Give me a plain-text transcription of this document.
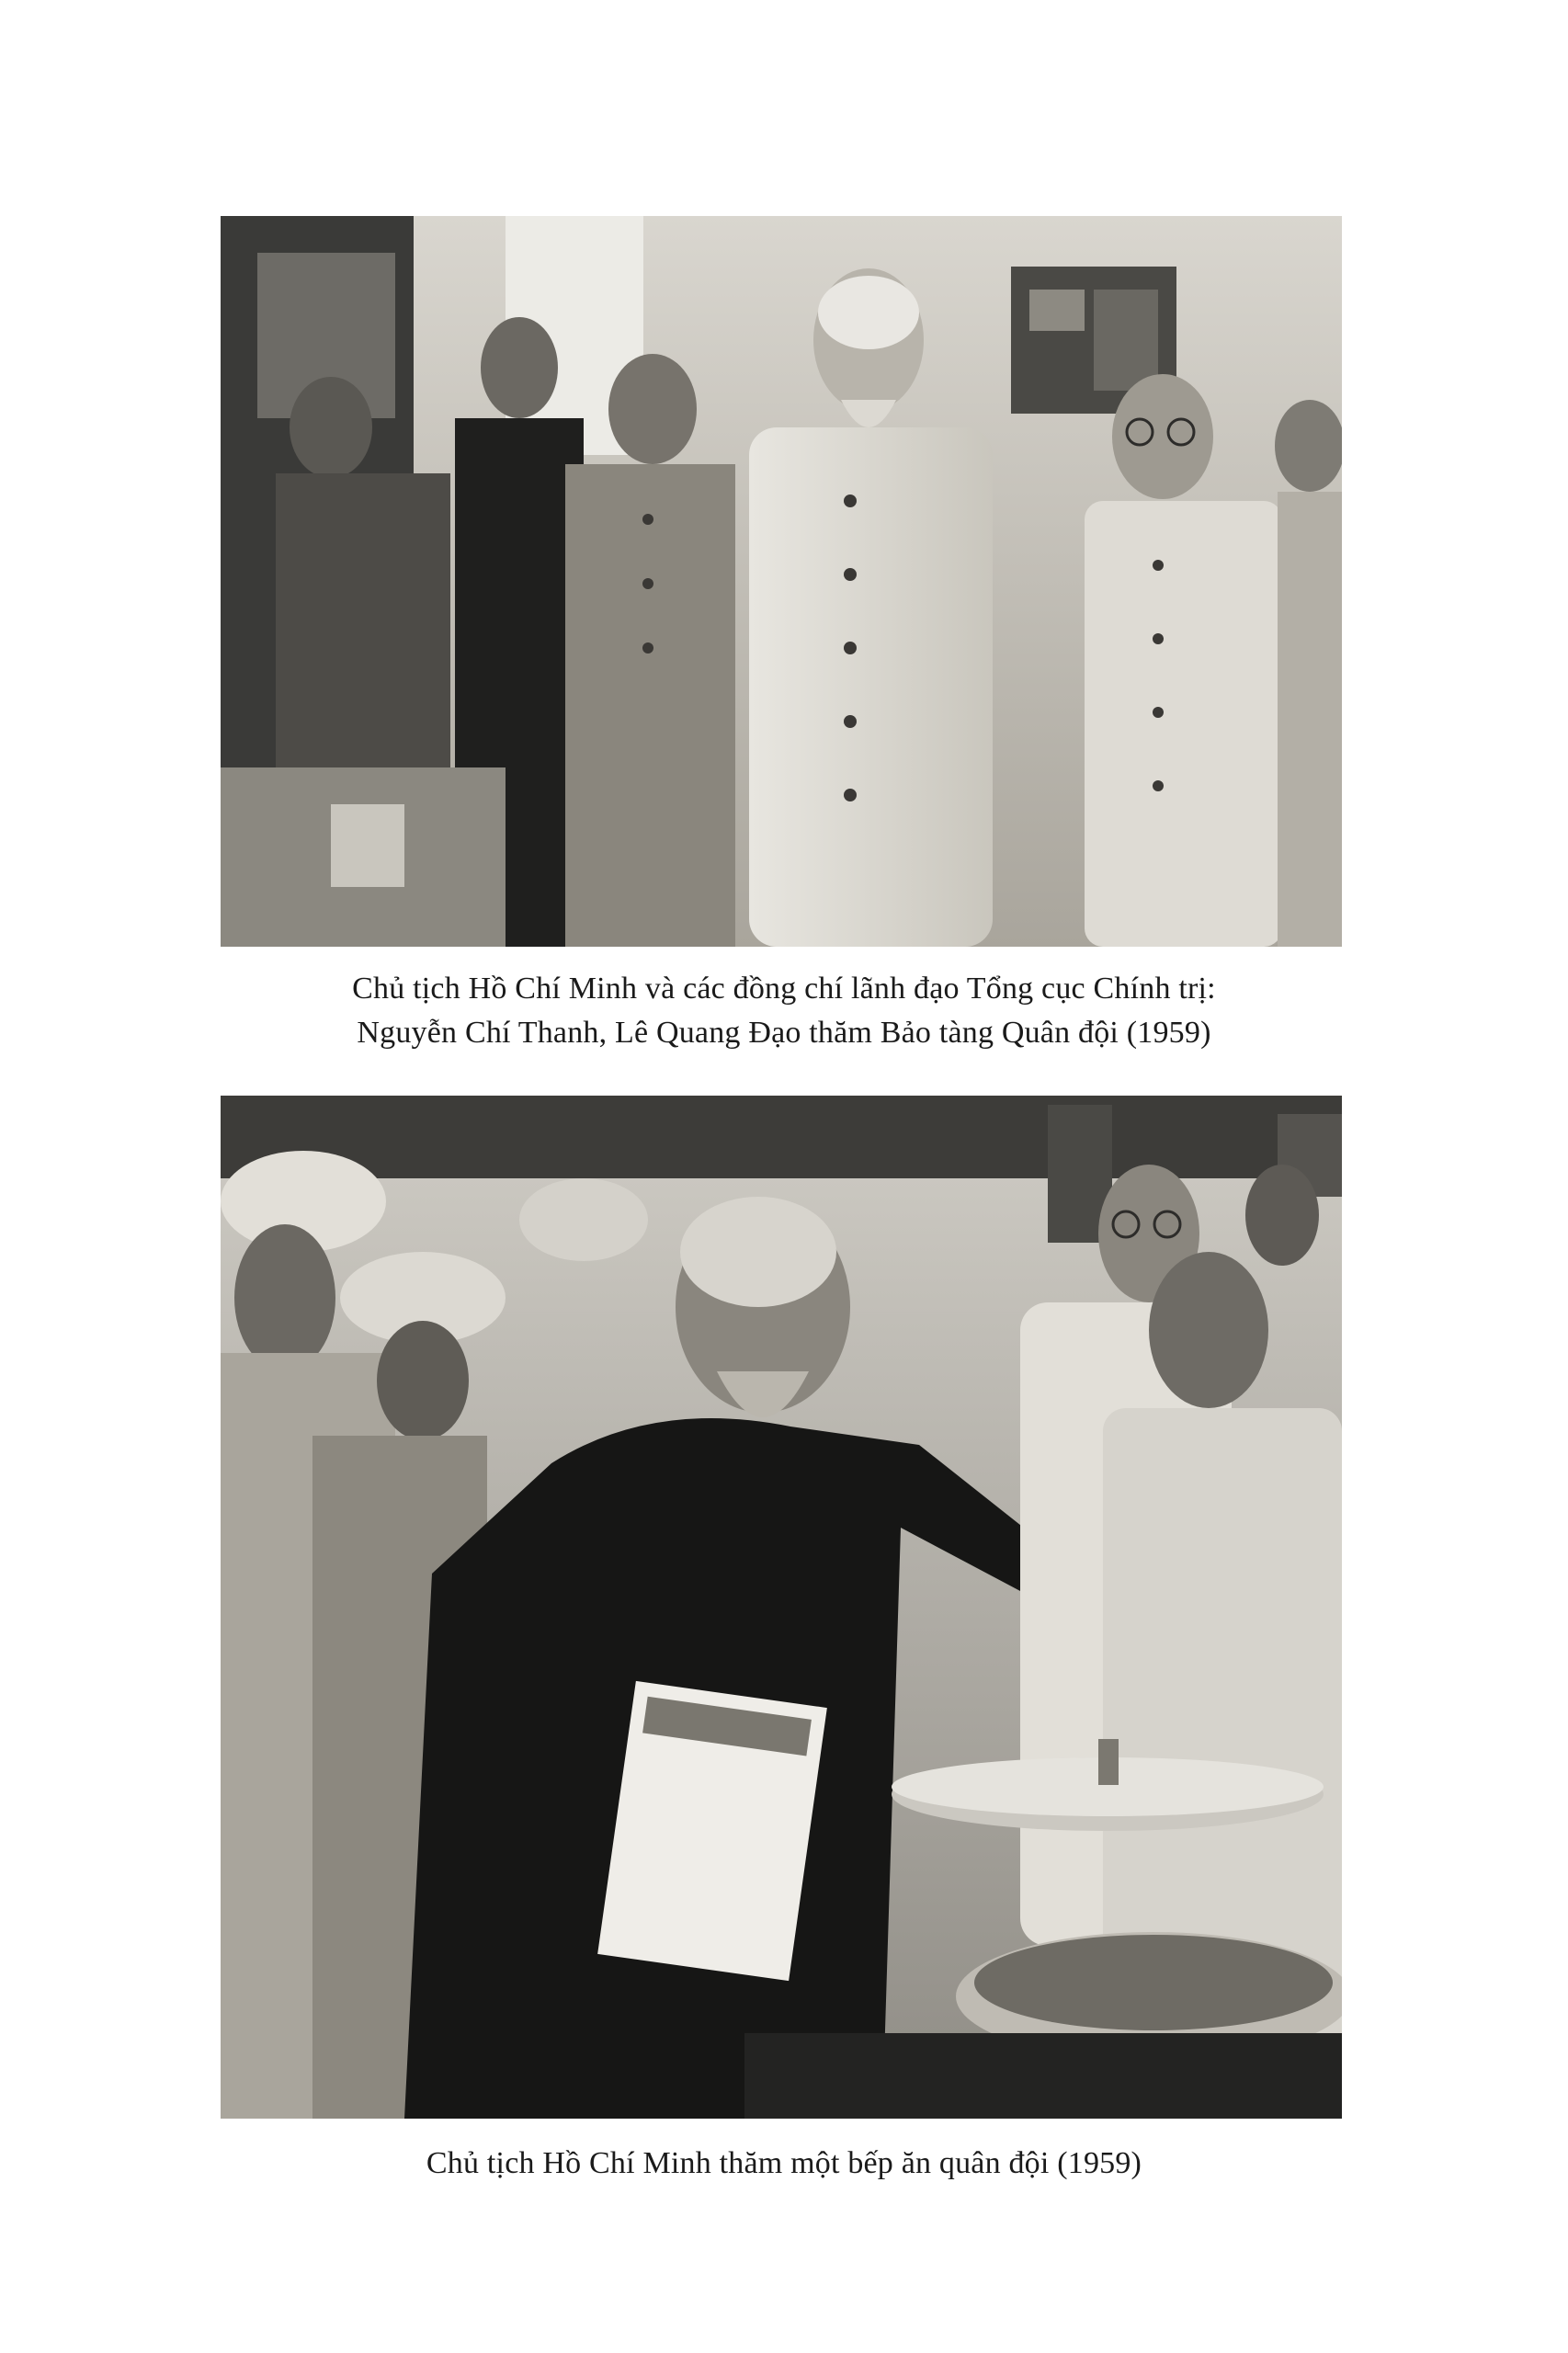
Chủ tịch Hồ Chí Minh và các đồng chí lãnh đạo Tổng cục Chính trị:
Nguyễn Chí Thanh, Lê Quang Đạo thăm Bảo tàng Quân đội (1959)
Chủ tịch Hồ Chí Minh thăm một bếp ăn quân đội (1959)
